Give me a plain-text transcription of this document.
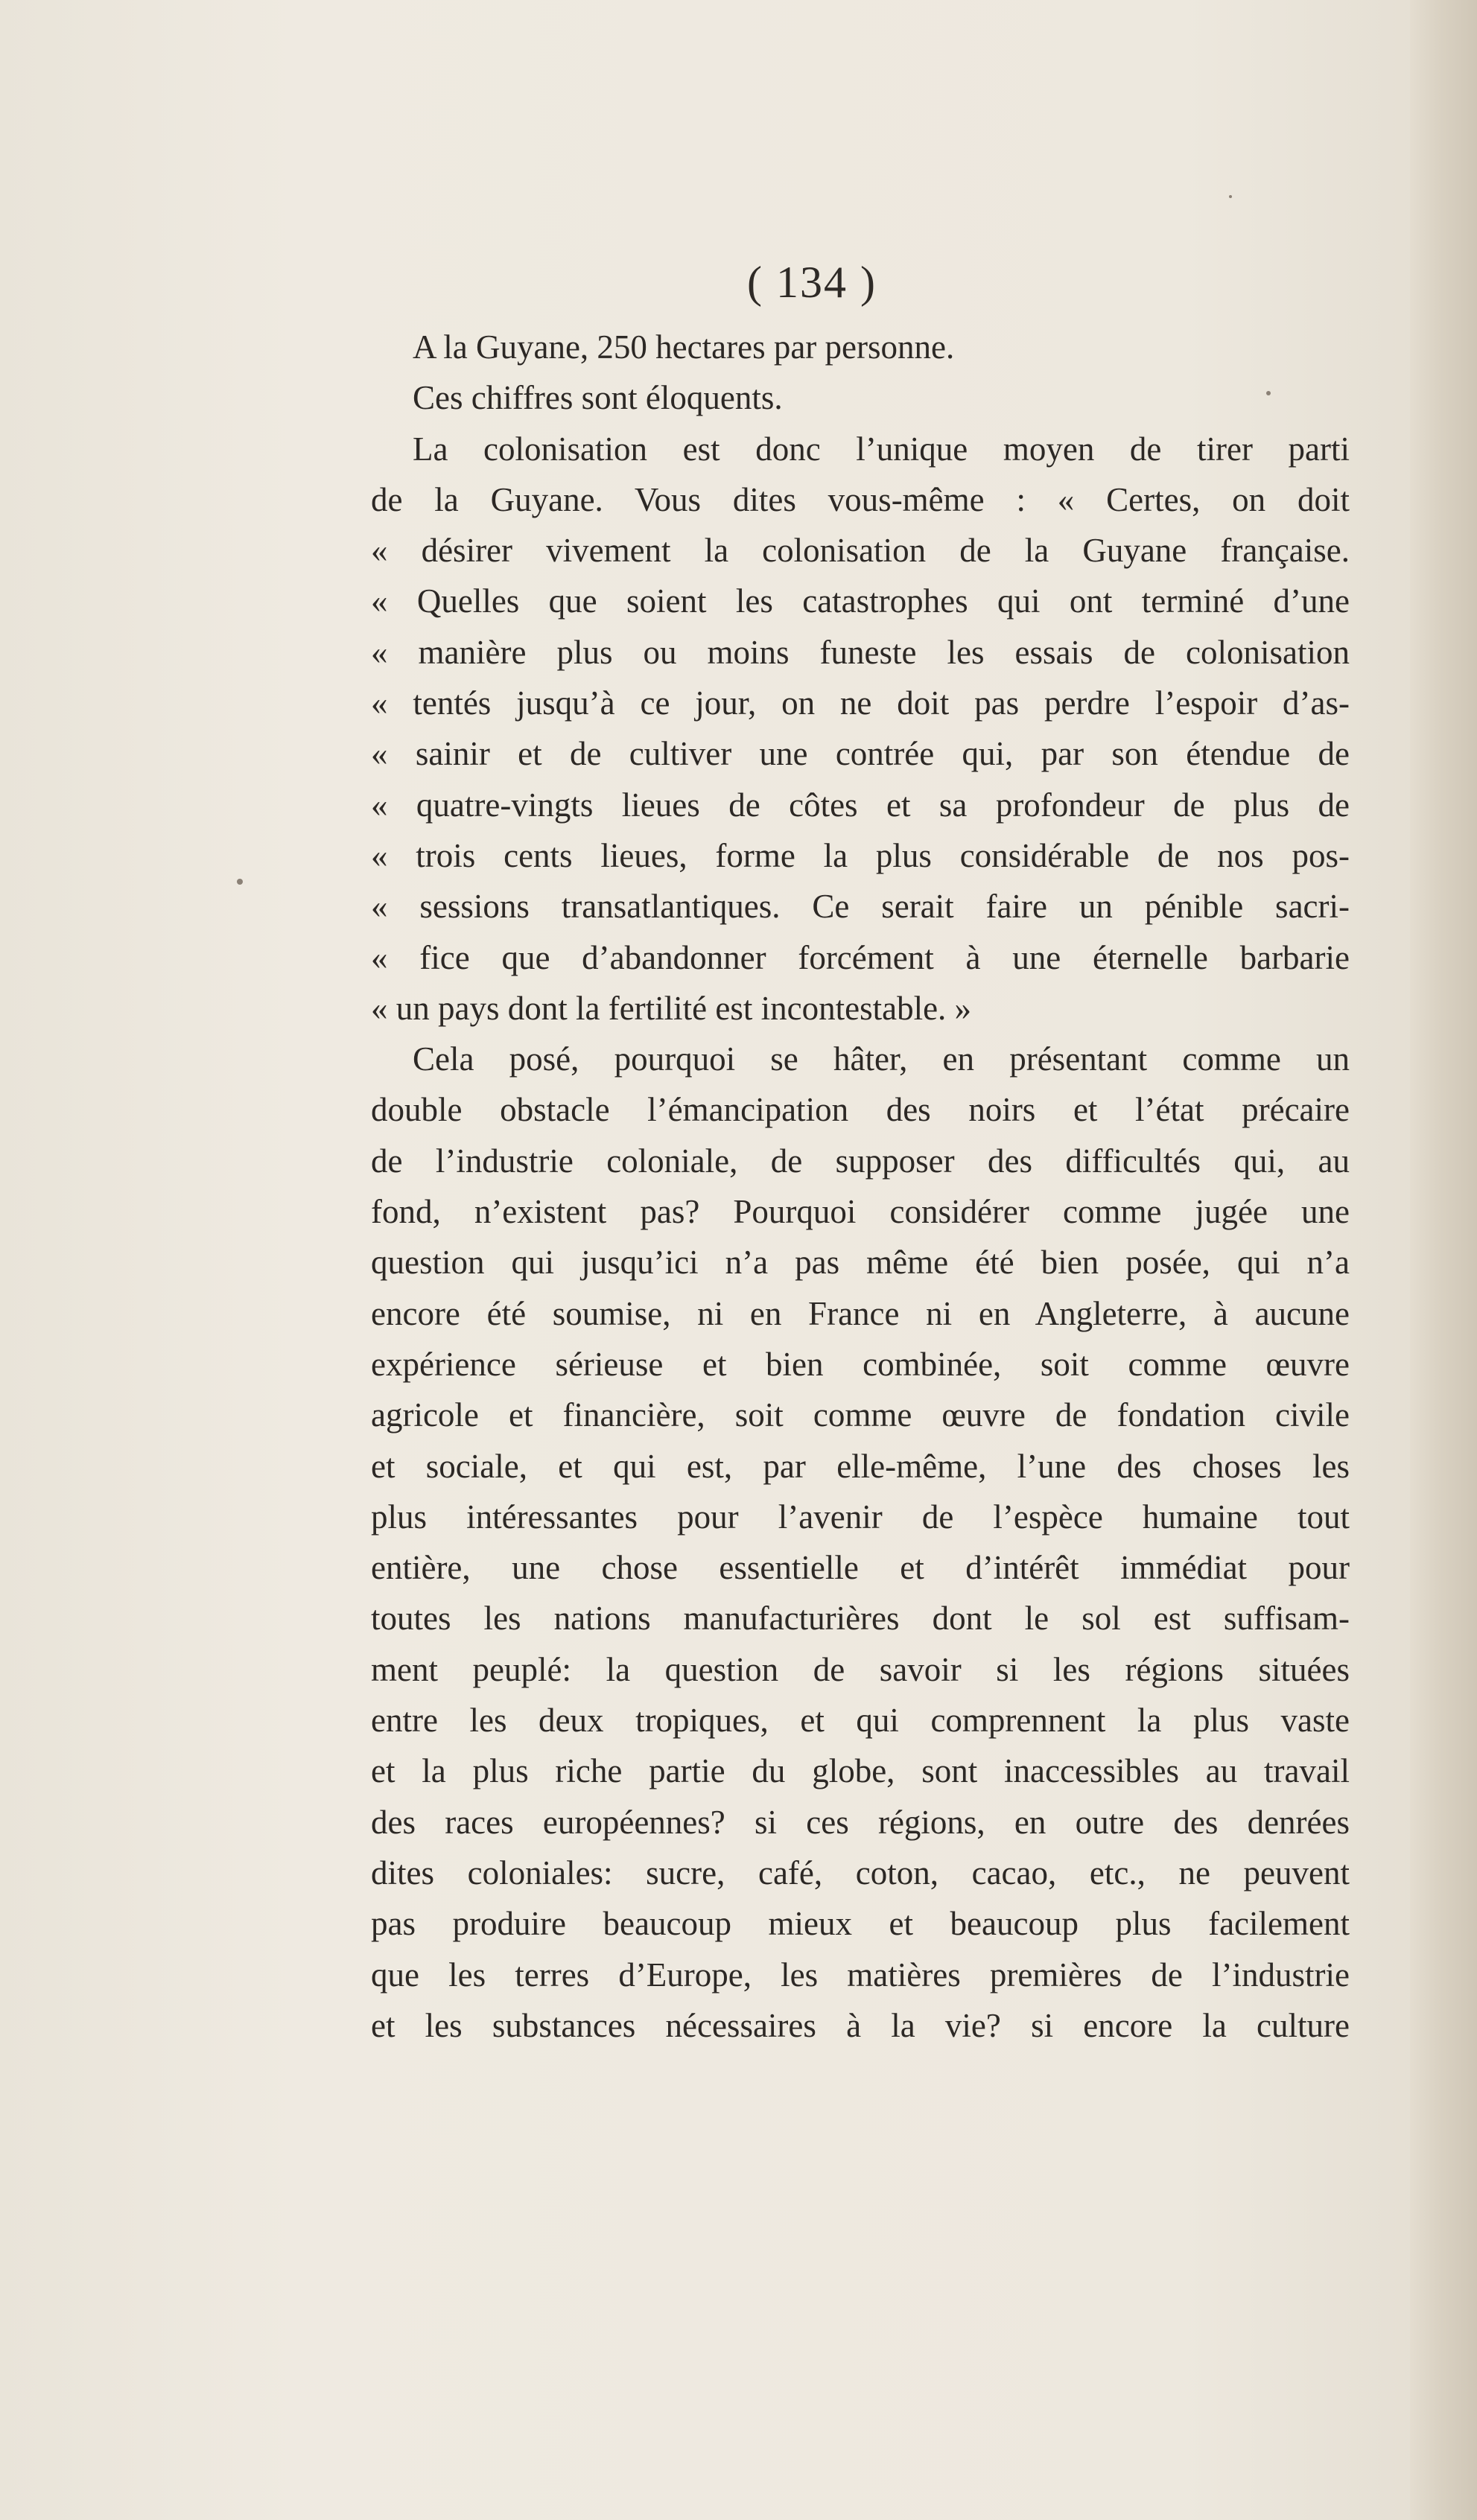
( 134 )
A la Guyane, 250 hectares par personne.
Ces chiffres sont éloquents.
La colonisation est donc l’unique moyen de tirer parti
de la Guyane. Vous dites vous-même : « Certes, on doit
« désirer vivement la colonisation de la Guyane française.
« Quelles que soient les catastrophes qui ont terminé d’une
« manière plus ou moins funeste les essais de colonisation
« tentés jusqu’à ce jour, on ne doit pas perdre l’espoir d’as-
« sainir et de cultiver une contrée qui, par son étendue de
« quatre-vingts lieues de côtes et sa profondeur de plus de
« trois cents lieues, forme la plus considérable de nos pos-
« sessions transatlantiques. Ce serait faire un pénible sacri-
« fice que d’abandonner forcément à une éternelle barbarie
« un pays dont la fertilité est incontestable. »
Cela posé, pourquoi se hâter, en présentant comme un
double obstacle l’émancipation des noirs et l’état précaire
de l’industrie coloniale, de supposer des difficultés qui, au
fond, n’existent pas? Pourquoi considérer comme jugée une
question qui jusqu’ici n’a pas même été bien posée, qui n’a
encore été soumise, ni en France ni en Angleterre, à aucune
expérience sérieuse et bien combinée, soit comme œuvre
agricole et financière, soit comme œuvre de fondation civile
et sociale, et qui est, par elle-même, l’une des choses les
plus intéressantes pour l’avenir de l’espèce humaine tout
entière, une chose essentielle et d’intérêt immédiat pour
toutes les nations manufacturières dont le sol est suffisam-
ment peuplé: la question de savoir si les régions situées
entre les deux tropiques, et qui comprennent la plus vaste
et la plus riche partie du globe, sont inaccessibles au travail
des races européennes? si ces régions, en outre des denrées
dites coloniales: sucre, café, coton, cacao, etc., ne peuvent
pas produire beaucoup mieux et beaucoup plus facilement
que les terres d’Europe, les matières premières de l’industrie
et les substances nécessaires à la vie? si encore la culture
